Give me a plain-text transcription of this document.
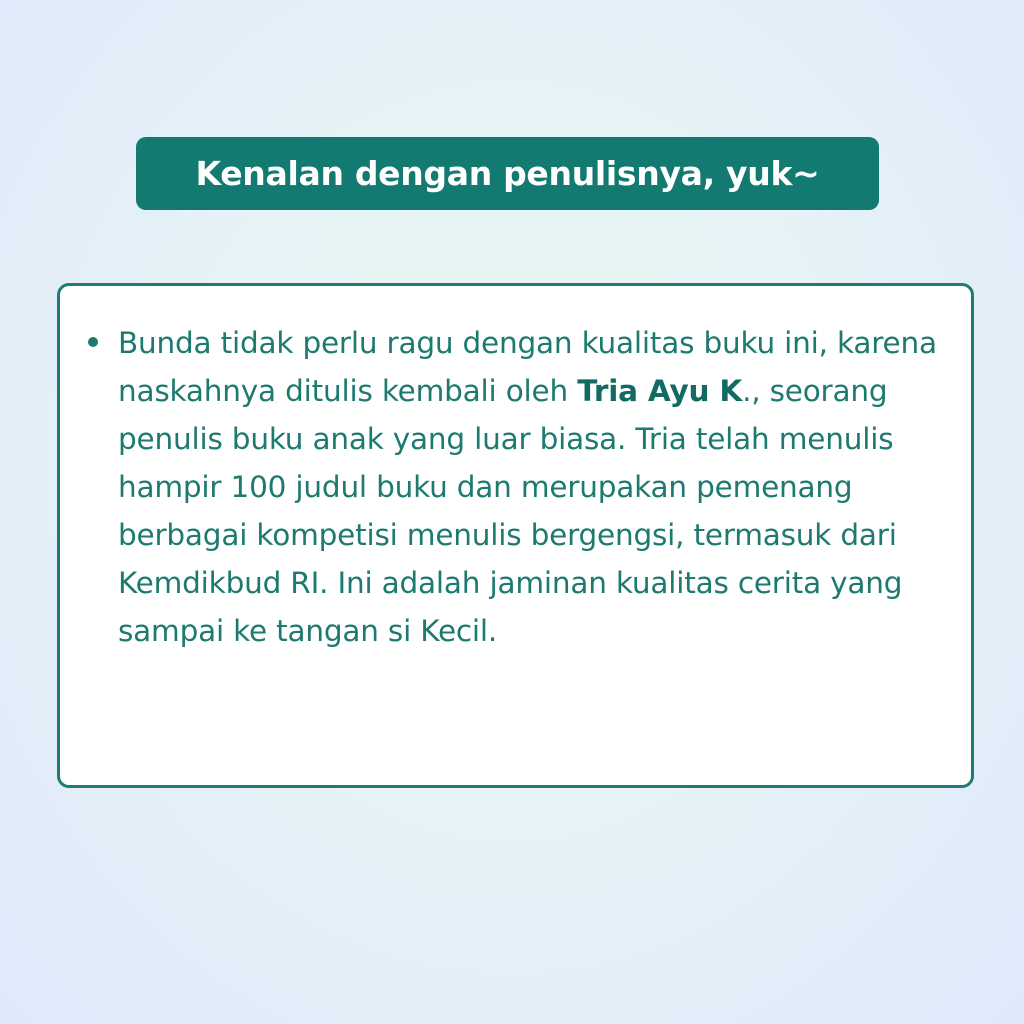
Kenalan dengan penulisnya, yuk~
Bunda tidak perlu ragu dengan kualitas buku ini, karena naskahnya ditulis kembali oleh Tria Ayu K., seorang penulis buku anak yang luar biasa. Tria telah menulis hampir 100 judul buku dan merupakan pemenang berbagai kompetisi menulis bergengsi, termasuk dari Kemdikbud RI. Ini adalah jaminan kualitas cerita yang sampai ke tangan si Kecil.
